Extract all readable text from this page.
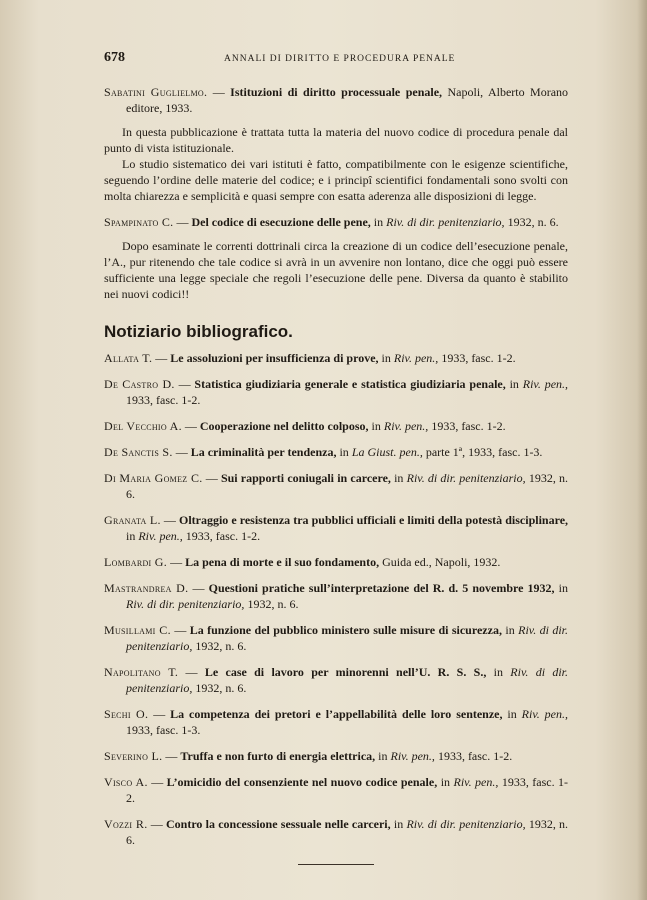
678	ANNALI DI DIRITTO E PROCEDURA PENALE
Sabatini Guglielmo. — Istituzioni di diritto processuale penale, Napoli, Alberto Morano editore, 1933.

In questa pubblicazione è trattata tutta la materia del nuovo codice di procedura penale dal punto di vista istituzionale.

Lo studio sistematico dei vari istituti è fatto, compatibilmente con le esigenze scientifiche, seguendo l’ordine delle materie del codice; e i principî scientifici fondamentali sono svolti con molta chiarezza e semplicità e quasi sempre con esatta aderenza alle disposizioni di legge.

Spampinato C. — Del codice di esecuzione delle pene, in Riv. di dir. penitenziario, 1932, n. 6.

Dopo esaminate le correnti dottrinali circa la creazione di un codice dell’esecuzione penale, l’A., pur ritenendo che tale codice si avrà in un avvenire non lontano, dice che oggi può essere sufficiente una legge speciale che regoli l’esecuzione delle pene. Diversa da quanto è stabilito nei nuovi codici!!

Notiziario bibliografico.
Allata T. — Le assoluzioni per insufficienza di prove, in Riv. pen., 1933, fasc. 1-2.
De Castro D. — Statistica giudiziaria generale e statistica giudiziaria penale, in Riv. pen., 1933, fasc. 1-2.
Del Vecchio A. — Cooperazione nel delitto colposo, in Riv. pen., 1933, fasc. 1-2.
De Sanctis S. — La criminalità per tendenza, in La Giust. pen., parte 1ª, 1933, fasc. 1-3.
Di Maria Gomez C. — Sui rapporti coniugali in carcere, in Riv. di dir. penitenziario, 1932, n. 6.
Granata L. — Oltraggio e resistenza tra pubblici ufficiali e limiti della potestà disciplinare, in Riv. pen., 1933, fasc. 1-2.
Lombardi G. — La pena di morte e il suo fondamento, Guida ed., Napoli, 1932.
Mastrandrea D. — Questioni pratiche sull’interpretazione del R. d. 5 novembre 1932, in Riv. di dir. penitenziario, 1932, n. 6.
Musillami C. — La funzione del pubblico ministero sulle misure di sicurezza, in Riv. di dir. penitenziario, 1932, n. 6.
Napolitano T. — Le case di lavoro per minorenni nell’U. R. S. S., in Riv. di dir. penitenziario, 1932, n. 6.
Sechi O. — La competenza dei pretori e l’appellabilità delle loro sentenze, in Riv. pen., 1933, fasc. 1-3.
Severino L. — Truffa e non furto di energia elettrica, in Riv. pen., 1933, fasc. 1-2.
Visco A. — L’omicidio del consenziente nel nuovo codice penale, in Riv. pen., 1933, fasc. 1-2.
Vozzi R. — Contro la concessione sessuale nelle carceri, in Riv. di dir. penitenziario, 1932, n. 6.
